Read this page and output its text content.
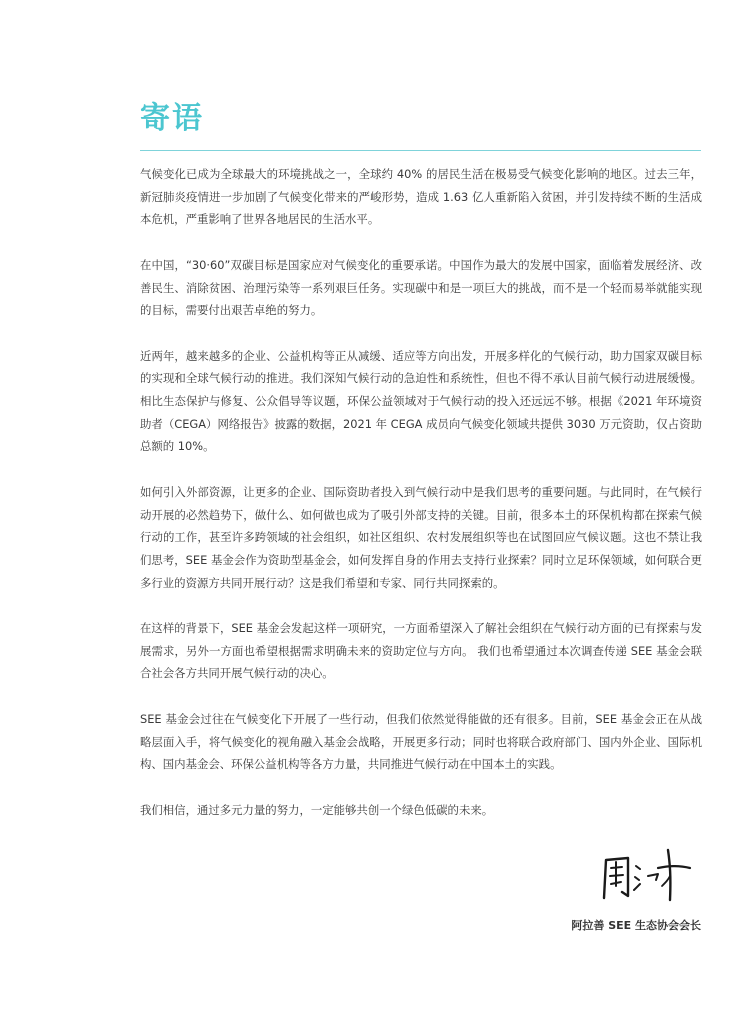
寄语

气候变化已成为全球最大的环境挑战之一，全球约 40% 的居民生活在极易受气候变化影响的地区。过去三年，新冠肺炎疫情进一步加剧了气候变化带来的严峻形势，造成 1.63 亿人重新陷入贫困，并引发持续不断的生活成本危机，严重影响了世界各地居民的生活水平。

在中国，“30·60”双碳目标是国家应对气候变化的重要承诺。中国作为最大的发展中国家，面临着发展经济、改善民生、消除贫困、治理污染等一系列艰巨任务。实现碳中和是一项巨大的挑战，而不是一个轻而易举就能实现的目标，需要付出艰苦卓绝的努力。

近两年，越来越多的企业、公益机构等正从减缓、适应等方向出发，开展多样化的气候行动，助力国家双碳目标的实现和全球气候行动的推进。我们深知气候行动的急迫性和系统性，但也不得不承认目前气候行动进展缓慢。相比生态保护与修复、公众倡导等议题，环保公益领域对于气候行动的投入还远远不够。根据《2021 年环境资助者（CEGA）网络报告》披露的数据，2021 年 CEGA 成员向气候变化领域共提供 3030 万元资助，仅占资助总额的 10%。

如何引入外部资源，让更多的企业、国际资助者投入到气候行动中是我们思考的重要问题。与此同时，在气候行动开展的必然趋势下，做什么、如何做也成为了吸引外部支持的关键。目前，很多本土的环保机构都在探索气候行动的工作，甚至许多跨领域的社会组织，如社区组织、农村发展组织等也在试图回应气候议题。这也不禁让我们思考，SEE 基金会作为资助型基金会，如何发挥自身的作用去支持行业探索？同时立足环保领域，如何联合更多行业的资源方共同开展行动？这是我们希望和专家、同行共同探索的。

在这样的背景下，SEE 基金会发起这样一项研究，一方面希望深入了解社会组织在气候行动方面的已有探索与发展需求，另外一方面也希望根据需求明确未来的资助定位与方向。 我们也希望通过本次调查传递 SEE 基金会联合社会各方共同开展气候行动的决心。

SEE 基金会过往在气候变化下开展了一些行动，但我们依然觉得能做的还有很多。目前，SEE 基金会正在从战略层面入手，将气候变化的视角融入基金会战略，开展更多行动；同时也将联合政府部门、国内外企业、国际机构、国内基金会、环保公益机构等各方力量，共同推进气候行动在中国本土的实践。

我们相信，通过多元力量的努力，一定能够共创一个绿色低碳的未来。

阿拉善 SEE 生态协会会长
